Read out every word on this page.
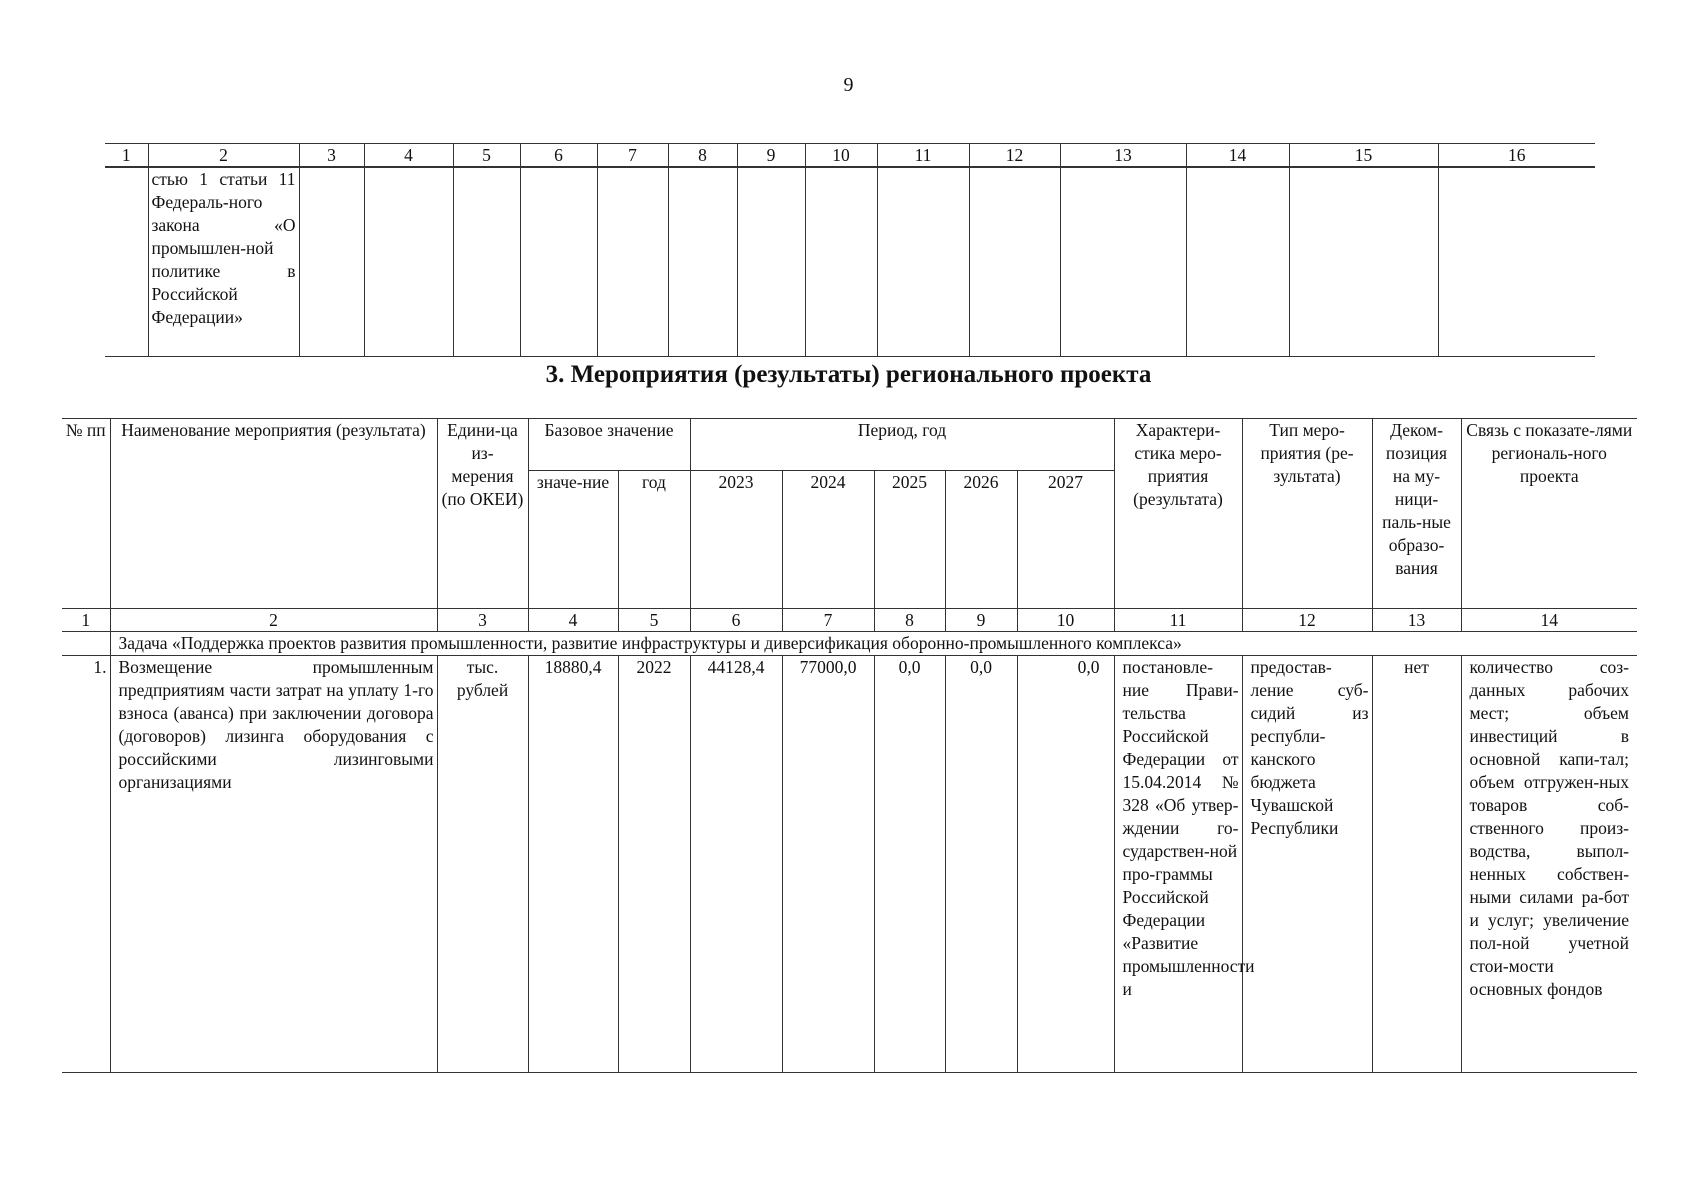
9
1	2	3	4	5	6	7	8	9	10	11	12	13	14	15	16
	стью 1 статьи 11 Федераль-ного закона «О промышлен-ной политике в Российской Федерации»														
3. Мероприятия (результаты) регионального проекта
№ пп	Наименование мероприятия (результата)	Едини-ца из-мерения (по ОКЕИ)	Базовое значение		Период, год					Характери-стика меро-приятия (результата)	Тип меро-приятия (ре-зультата)	Деком-позиция на му-ници-паль-ные образо-вания	Связь с показате-лями региональ-ного проекта
			значе-ние	год	2023	2024	2025	2026	2027				
1	2	3	4	5	6	7	8	9	10	11	12	13	14
	Задача «Поддержка проектов развития промышленности, развитие инфраструктуры и диверсификация оборонно-промышленного комплекса»												
1.	Возмещение промышленным предприятиям части затрат на уплату 1-го взноса (аванса) при заключении договора (договоров) лизинга оборудования с российскими лизинговыми организациями	тыс. рублей	18880,4	2022	44128,4	77000,0	0,0	0,0	0,0	постановле-ние Прави-тельства Российской Федерации от 15.04.2014 № 328 «Об утвер-ждении го-сударствен-ной про-граммы Российской Федерации «Развитие промышленности и	предостав-ление суб-сидий из республи-канского бюджета Чувашской Республики	нет	количество соз-данных рабочих мест; объем инвестиций в основной капи-тал; объем отгружен-ных товаров соб-ственного произ-водства, выпол-ненных собствен-ными силами ра-бот и услуг; увеличение пол-ной учетной стои-мости основных фондов
